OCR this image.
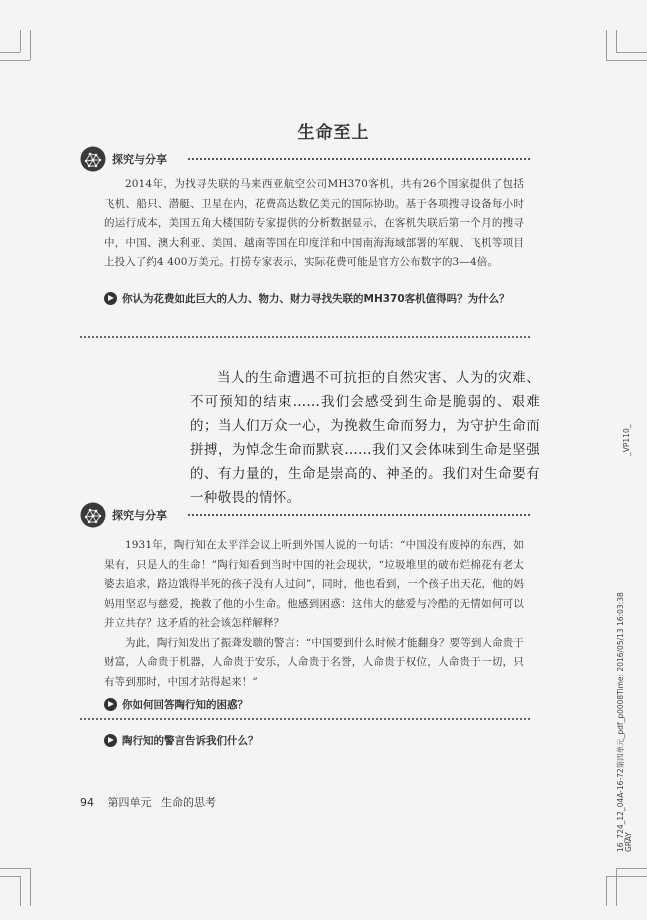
生命至上
探究与分享

2014年，为找寻失联的马来西亚航空公司MH370客机，共有26个国家提供了包括飞机、船只、潜艇、卫星在内，花费高达数亿美元的国际协助。基于各项搜寻设备每小时的运行成本，美国五角大楼国防专家提供的分析数据显示，在客机失联后第一个月的搜寻中，中国、澳大利亚、美国、越南等国在印度洋和中国南海海域部署的军舰、飞机等项目上投入了约4 400万美元。打捞专家表示，实际花费可能是官方公布数字的3—4倍。

你认为花费如此巨大的人力、物力、财力寻找失联的MH370客机值得吗？为什么？

当人的生命遭遇不可抗拒的自然灾害、人为的灾难、不可预知的结束……我们会感受到生命是脆弱的、艰难的；当人们万众一心，为挽救生命而努力，为守护生命而拼搏，为悼念生命而默哀……我们又会体味到生命是坚强的、有力量的，生命是崇高的、神圣的。我们对生命要有一种敬畏的情怀。

探究与分享

1931年，陶行知在太平洋会议上听到外国人说的一句话：“中国没有废掉的东西，如果有，只是人的生命！”陶行知看到当时中国的社会现状，“垃圾堆里的破布烂棉花有老太婆去追求，路边饿得半死的孩子没有人过问”，同时，他也看到，一个孩子出天花，他的妈妈用坚忍与慈爱，挽救了他的小生命。他感到困惑：这伟大的慈爱与冷酷的无情如何可以并立共存？这矛盾的社会该怎样解释？

为此，陶行知发出了振聋发聩的警言：“中国要到什么时候才能翻身？要等到人命贵于财富，人命贵于机器，人命贵于安乐，人命贵于名誉，人命贵于权位，人命贵于一切，只有等到那时，中国才站得起来！”

你如何回答陶行知的困惑？
陶行知的警言告诉我们什么？
94 第四单元 生命的思考
_VP110_
16_724_12_04A-16-72第四单元_pdf_p0008Time: 2016/05/13 16:03:38 GRAY
